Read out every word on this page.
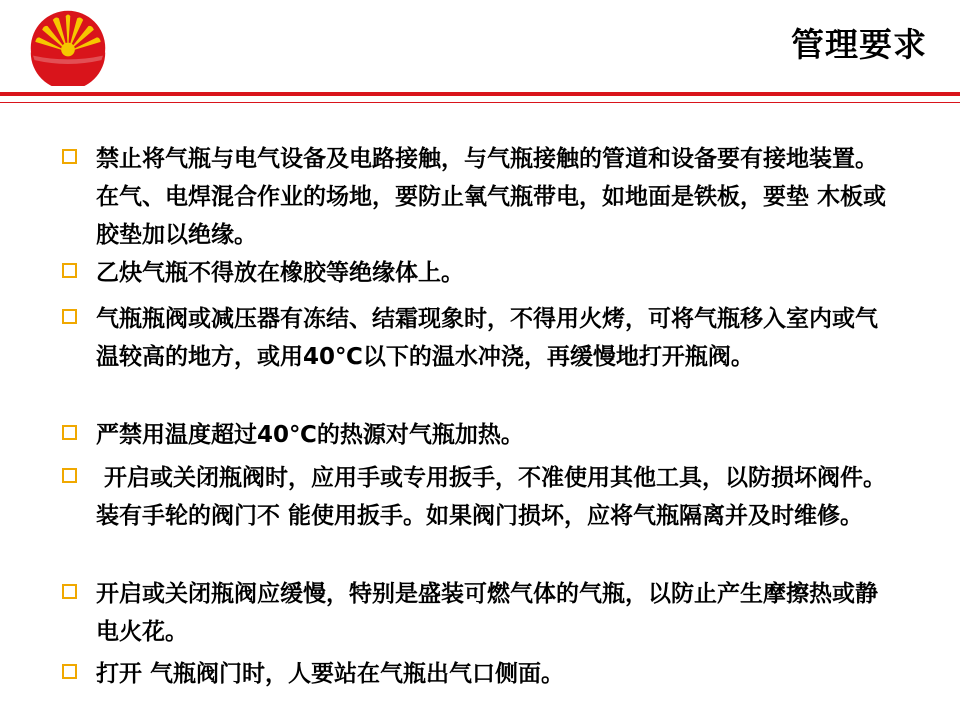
管理要求
禁止将气瓶与电气设备及电路接触，与气瓶接触的管道和设备要有接地装置。在气、电焊混合作业的场地，要防止氧气瓶带电，如地面是铁板，要垫 木板或胶垫加以绝缘。
乙炔气瓶不得放在橡胶等绝缘体上。
气瓶瓶阀或减压器有冻结、结霜现象时，不得用火烤，可将气瓶移入室内或气温较高的地方，或用40℃以下的温水冲浇，再缓慢地打开瓶阀。
严禁用温度超过40℃的热源对气瓶加热。
开启或关闭瓶阀时，应用手或专用扳手，不准使用其他工具，以防损坏阀件。装有手轮的阀门不 能使用扳手。如果阀门损坏，应将气瓶隔离并及时维修。
开启或关闭瓶阀应缓慢，特别是盛装可燃气体的气瓶，以防止产生摩擦热或静电火花。
打开 气瓶阀门时，人要站在气瓶出气口侧面。
